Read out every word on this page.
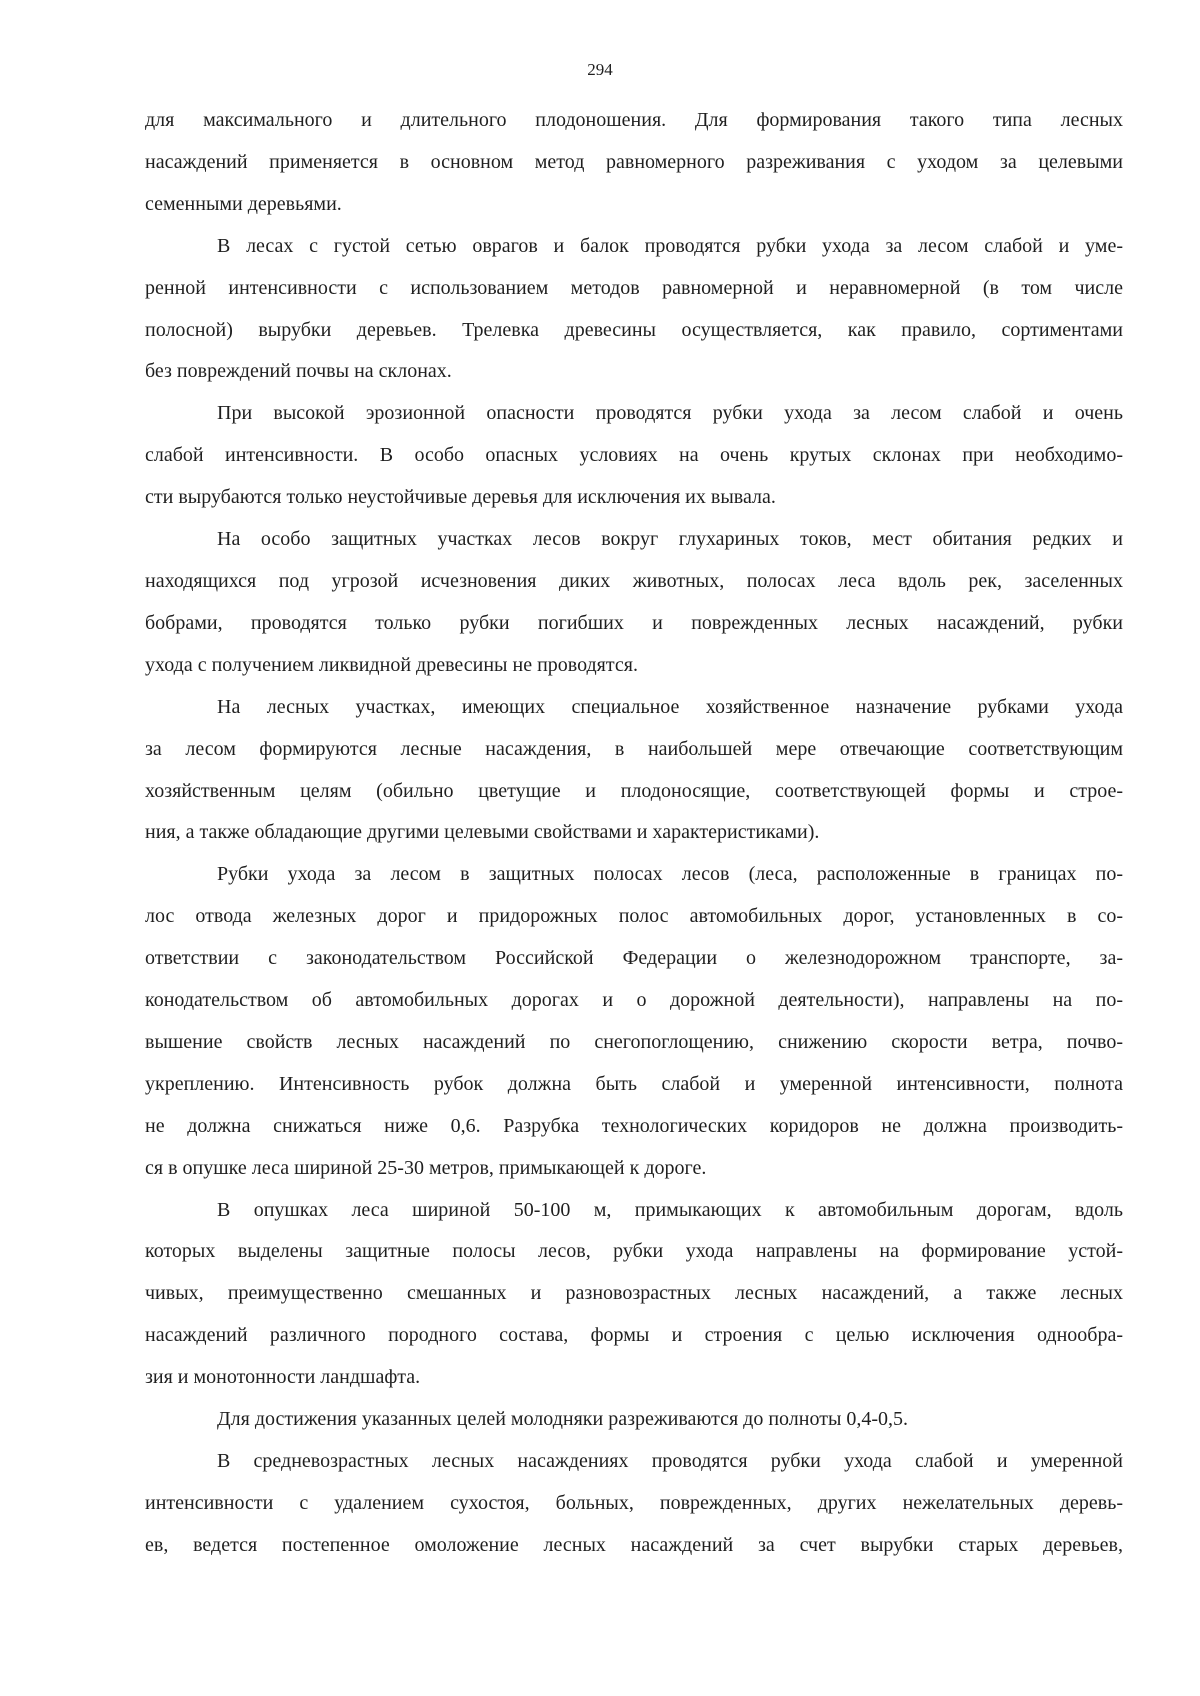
294
для максимального и длительного плодоношения. Для формирования такого типа лесных
насаждений применяется в основном метод равномерного разреживания с уходом за целевыми
семенными деревьями.
В лесах с густой сетью оврагов и балок проводятся рубки ухода за лесом слабой и уме-
ренной интенсивности с использованием методов равномерной и неравномерной (в том числе
полосной) вырубки деревьев. Трелевка древесины осуществляется, как правило, сортиментами
без повреждений почвы на склонах.
При высокой эрозионной опасности проводятся рубки ухода за лесом слабой и очень
слабой интенсивности. В особо опасных условиях на очень крутых склонах при необходимо-
сти вырубаются только неустойчивые деревья для исключения их вывала.
На особо защитных участках лесов вокруг глухариных токов, мест обитания редких и
находящихся под угрозой исчезновения диких животных, полосах леса вдоль рек, заселенных
бобрами, проводятся только рубки погибших и поврежденных лесных насаждений, рубки
ухода с получением ликвидной древесины не проводятся.
На лесных участках, имеющих специальное хозяйственное назначение рубками ухода
за лесом формируются лесные насаждения, в наибольшей мере отвечающие соответствующим
хозяйственным целям (обильно цветущие и плодоносящие, соответствующей формы и строе-
ния, а также обладающие другими целевыми свойствами и характеристиками).
Рубки ухода за лесом в защитных полосах лесов (леса, расположенные в границах по-
лос отвода железных дорог и придорожных полос автомобильных дорог, установленных в со-
ответствии с законодательством Российской Федерации о железнодорожном транспорте, за-
конодательством об автомобильных дорогах и о дорожной деятельности), направлены на по-
вышение свойств лесных насаждений по снегопоглощению, снижению скорости ветра, почво-
укреплению. Интенсивность рубок должна быть слабой и умеренной интенсивности, полнота
не должна снижаться ниже 0,6. Разрубка технологических коридоров не должна производить-
ся в опушке леса шириной 25-30 метров, примыкающей к дороге.
В опушках леса шириной 50-100 м, примыкающих к автомобильным дорогам, вдоль
которых выделены защитные полосы лесов, рубки ухода направлены на формирование устой-
чивых, преимущественно смешанных и разновозрастных лесных насаждений, а также лесных
насаждений различного породного состава, формы и строения с целью исключения однообра-
зия и монотонности ландшафта.
Для достижения указанных целей молодняки разреживаются до полноты 0,4-0,5.
В средневозрастных лесных насаждениях проводятся рубки ухода слабой и умеренной
интенсивности с удалением сухостоя, больных, поврежденных, других нежелательных деревь-
ев, ведется постепенное омоложение лесных насаждений за счет вырубки старых деревьев,
